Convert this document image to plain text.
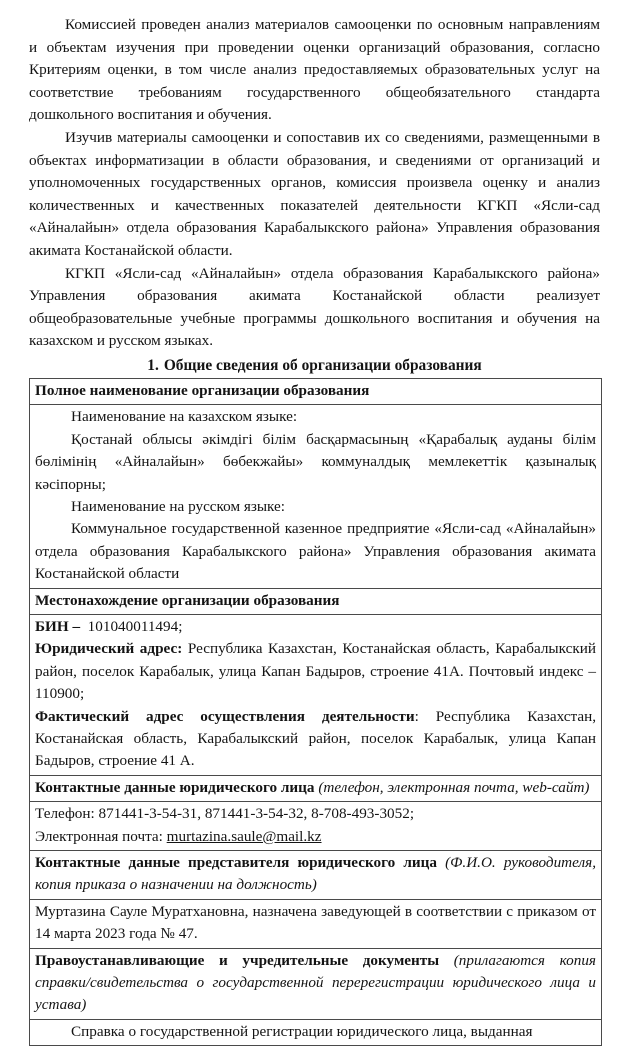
Комиссией проведен анализ материалов самооценки по основным направлениям и объектам изучения при проведении оценки организаций образования, согласно Критериям оценки, в том числе анализ предоставляемых образовательных услуг на соответствие требованиям государственного общеобязательного стандарта дошкольного воспитания и обучения.

Изучив материалы самооценки и сопоставив их со сведениями, размещенными в объектах информатизации в области образования, и сведениями от организаций и уполномоченных государственных органов, комиссия произвела оценку и анализ количественных и качественных показателей деятельности КГКП «Ясли-сад «Айналайын» отдела образования Карабалыкского района» Управления образования акимата Костанайской области.

КГКП «Ясли-сад «Айналайын» отдела образования Карабалыкского района» Управления образования акимата Костанайской области реализует общеобразовательные учебные программы дошкольного воспитания и обучения на казахском и русском языках.

1. Общие сведения об организации образования
Полное наименование организации образования

Наименование на казахском языке:
Қостанай облысы әкімдігі білім басқармасының «Қарабалық ауданы білім бөлімінің «Айналайын» бөбекжайы» коммуналдық мемлекеттік қазыналық кәсіпорны;
Наименование на русском языке:
Коммунальное государственной казенное предприятие «Ясли-сад «Айналайын» отдела образования Карабалыкского района» Управления образования акимата Костанайской области

Местонахождение организации образования

БИН – 101040011494;
Юридический адрес: Республика Казахстан, Костанайская область, Карабалыкский район, поселок Карабалык, улица Капан Бадыров, строение 41А. Почтовый индекс – 110900;
Фактический адрес осуществления деятельности: Республика Казахстан, Костанайская область, Карабалыкский район, поселок Карабалык, улица Капан Бадыров, строение 41 А.

Контактные данные юридического лица (телефон, электронная почта, web-сайт)

Телефон: 871441-3-54-31, 871441-3-54-32, 8-708-493-3052;
Электронная почта: murtazina.saule@mail.kz

Контактные данные представителя юридического лица (Ф.И.О. руководителя, копия приказа о назначении на должность)
Муртазина Сауле Муратхановна, назначена заведующей в соответствии с приказом от 14 марта 2023 года № 47.
Правоустанавливающие и учредительные документы (прилагаются копия справки/свидетельства о государственной перерегистрации юридического лица и устава)
Справка о государственной регистрации юридического лица, выданная
